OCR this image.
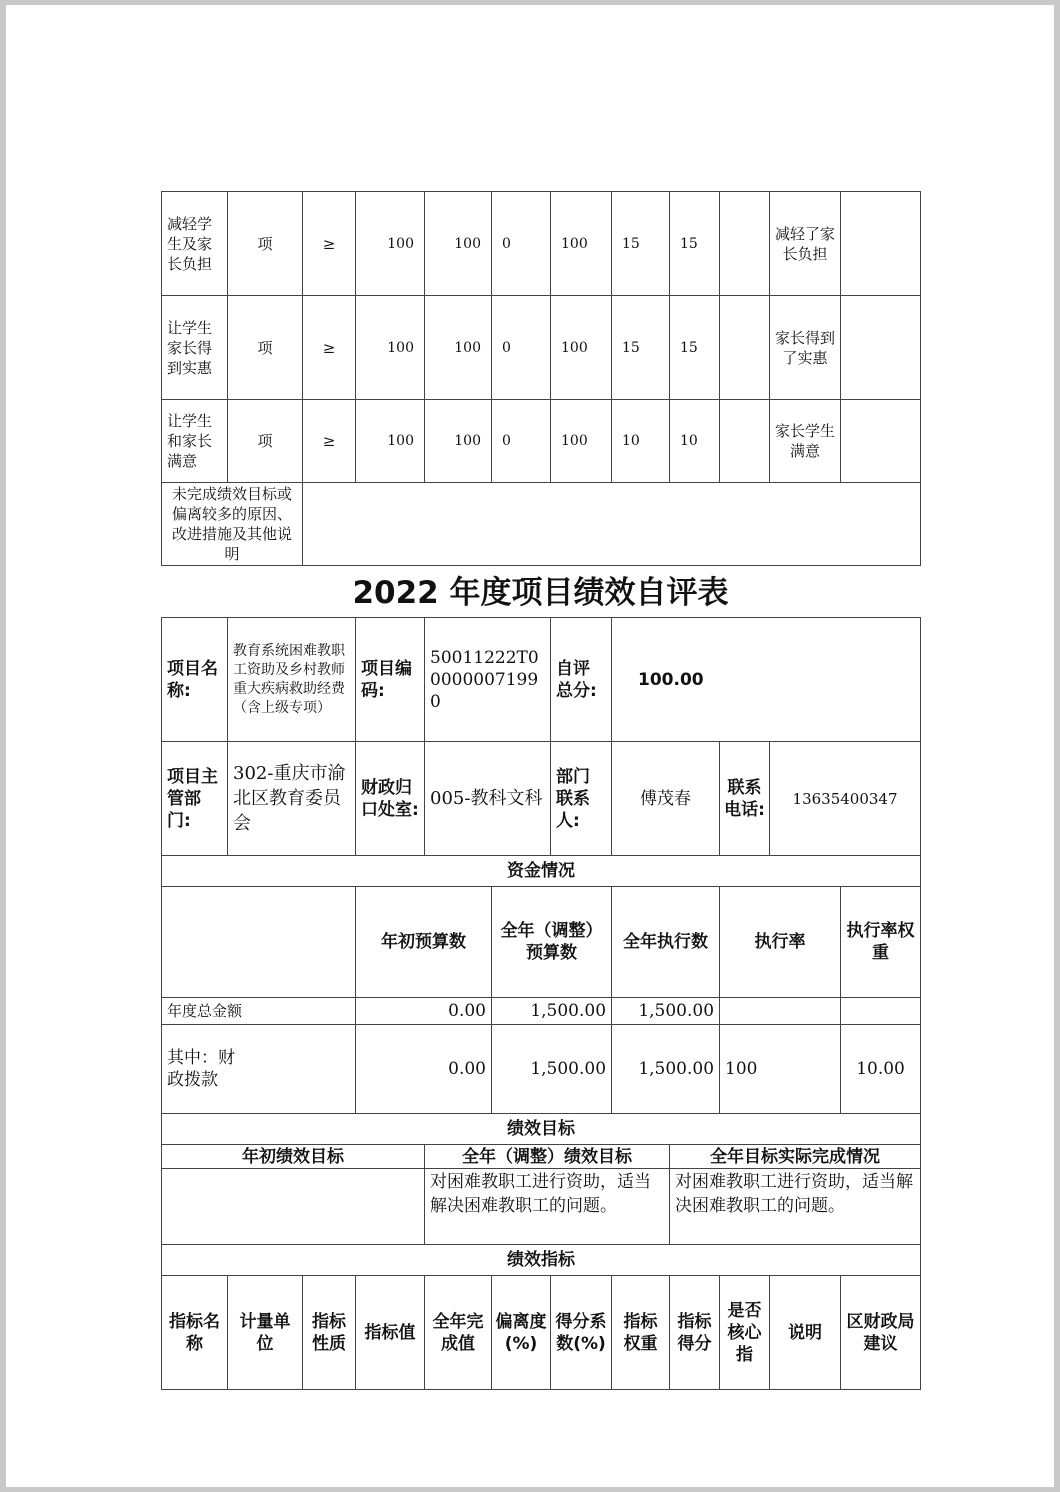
减轻学生及家长负担	项	≥	100	100	0	100	15	15		减轻了家长负担	
让学生家长得到实惠	项	≥	100	100	0	100	15	15		家长得到了实惠	
让学生和家长满意	项	≥	100	100	0	100	10	10		家长学生满意	
未完成绩效目标或偏离较多的原因、改进措施及其他说明											
2022 年度项目绩效自评表
项目名称:	教育系统困难教职工资助及乡村教师重大疾病救助经费（含上级专项）		项目编码:	50011222T000000071990		自评总分:	100.00					
项目主管部门:	302-重庆市渝北区教育委员会		财政归口处室:	005-教科文科		部门联系人:	傅茂春		联系电话:	13635400347		
资金情况												
			年初预算数		全年（调整）预算数		全年执行数		执行率		执行率权重	
年度总金额			0.00		1,500.00		1,500.00					
其中：财政拨款			0.00		1,500.00		1,500.00		100		10.00	
绩效目标												
年初绩效目标				全年（调整）绩效目标				全年目标实际完成情况				
				对困难教职工进行资助，适当解决困难教职工的问题。				对困难教职工进行资助，适当解决困难教职工的问题。				
绩效指标												
指标名称	计量单位	指标性质	指标值	全年完成值	偏离度(%)	得分系数(%)	指标权重	指标得分	是否核心指	说明	区财政局建议	
